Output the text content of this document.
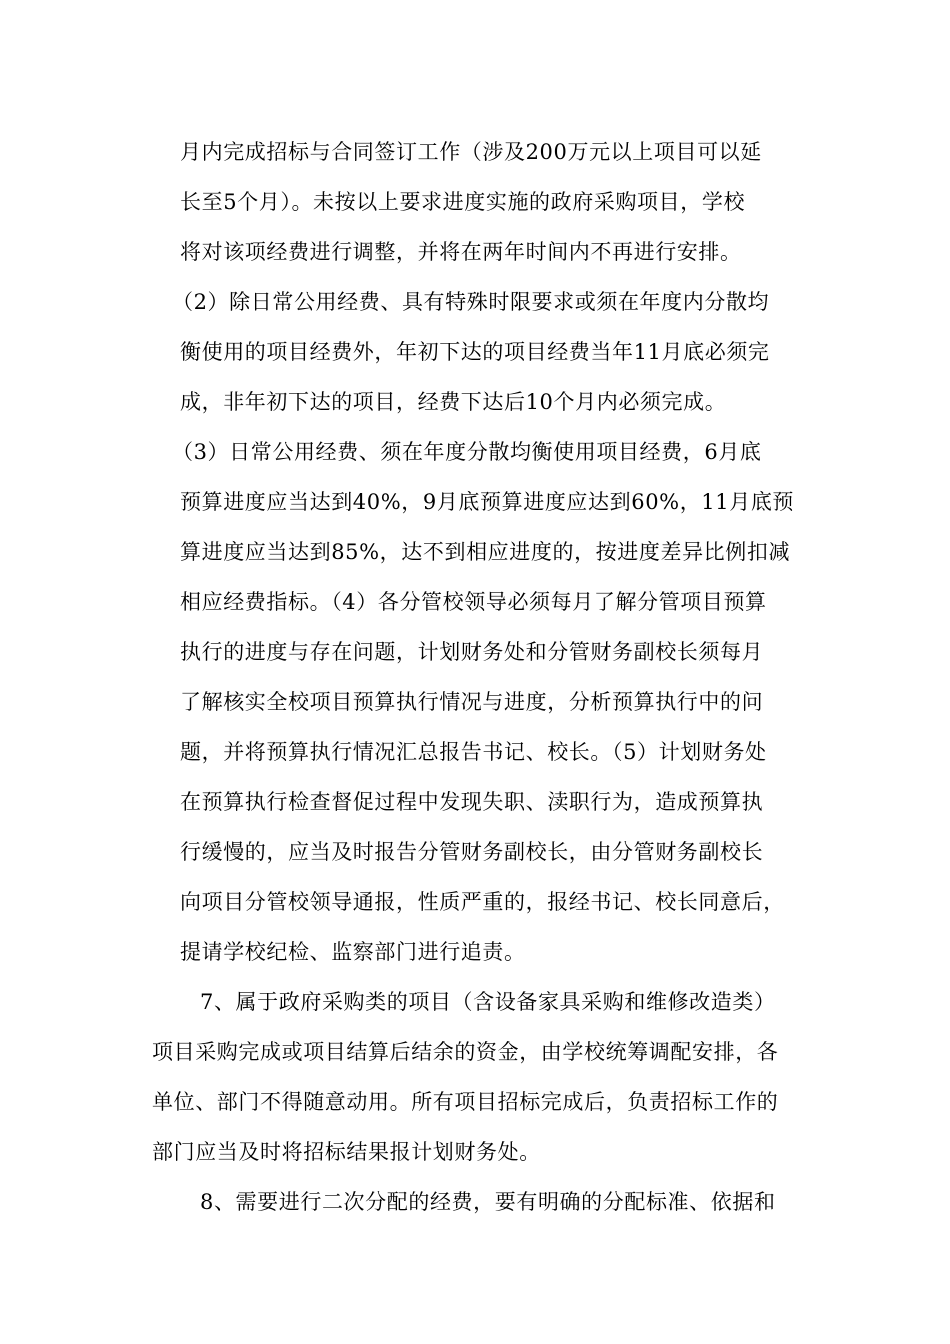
月内完成招标与合同签订工作（涉及200万元以上项目可以延
长至5个月）。未按以上要求进度实施的政府采购项目，学校
将对该项经费进行调整，并将在两年时间内不再进行安排。
（2）除日常公用经费、具有特殊时限要求或须在年度内分散均
衡使用的项目经费外，年初下达的项目经费当年11月底必须完
成，非年初下达的项目，经费下达后10个月内必须完成。
（3）日常公用经费、须在年度分散均衡使用项目经费，6月底
预算进度应当达到40%，9月底预算进度应达到60%，11月底预
算进度应当达到85%，达不到相应进度的，按进度差异比例扣减
相应经费指标。（4）各分管校领导必须每月了解分管项目预算
执行的进度与存在问题，计划财务处和分管财务副校长须每月
了解核实全校项目预算执行情况与进度，分析预算执行中的问
题，并将预算执行情况汇总报告书记、校长。（5）计划财务处
在预算执行检查督促过程中发现失职、渎职行为，造成预算执
行缓慢的，应当及时报告分管财务副校长，由分管财务副校长
向项目分管校领导通报，性质严重的，报经书记、校长同意后，
提请学校纪检、监察部门进行追责。
7、属于政府采购类的项目（含设备家具采购和维修改造类）
项目采购完成或项目结算后结余的资金，由学校统筹调配安排，各
单位、部门不得随意动用。所有项目招标完成后，负责招标工作的
部门应当及时将招标结果报计划财务处。
8、需要进行二次分配的经费，要有明确的分配标准、依据和
